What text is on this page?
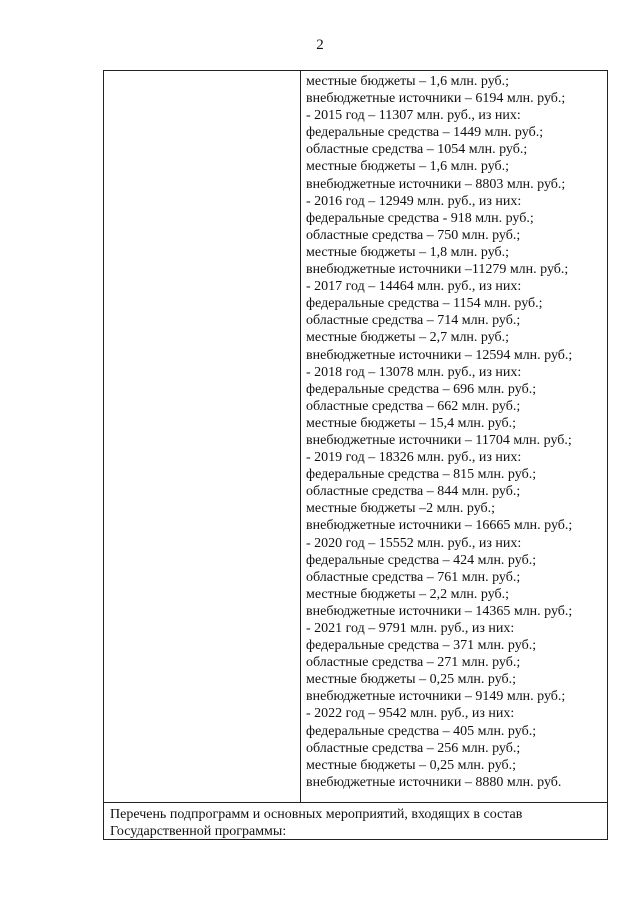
2
местные бюджеты – 1,6 млн. руб.;
внебюджетные источники – 6194 млн. руб.;
- 2015 год – 11307 млн. руб., из них:
федеральные средства – 1449 млн. руб.;
областные средства – 1054 млн. руб.;
местные бюджеты – 1,6 млн. руб.;
внебюджетные источники – 8803 млн. руб.;
- 2016 год – 12949 млн. руб., из них:
федеральные средства - 918 млн. руб.;
областные средства – 750 млн. руб.;
местные бюджеты – 1,8 млн. руб.;
внебюджетные источники –11279 млн. руб.;
- 2017 год – 14464 млн. руб., из них:
федеральные средства – 1154 млн. руб.;
областные средства – 714 млн. руб.;
местные бюджеты – 2,7 млн. руб.;
внебюджетные источники – 12594 млн. руб.;
- 2018 год – 13078 млн. руб., из них:
федеральные средства – 696 млн. руб.;
областные средства – 662 млн. руб.;
местные бюджеты – 15,4 млн. руб.;
внебюджетные источники – 11704 млн. руб.;
- 2019 год – 18326 млн. руб., из них:
федеральные средства – 815 млн. руб.;
областные средства – 844 млн. руб.;
местные бюджеты –2 млн. руб.;
внебюджетные источники – 16665 млн. руб.;
- 2020 год – 15552 млн. руб., из них:
федеральные средства – 424 млн. руб.;
областные средства – 761 млн. руб.;
местные бюджеты – 2,2 млн. руб.;
внебюджетные источники – 14365 млн. руб.;
- 2021 год – 9791 млн. руб., из них:
федеральные средства – 371 млн. руб.;
областные средства – 271 млн. руб.;
местные бюджеты – 0,25 млн. руб.;
внебюджетные источники – 9149 млн. руб.;
- 2022 год – 9542 млн. руб., из них:
федеральные средства – 405 млн. руб.;
областные средства – 256 млн. руб.;
местные бюджеты – 0,25 млн. руб.;
внебюджетные источники – 8880 млн. руб.
Перечень подпрограмм и основных мероприятий, входящих в состав Государственной программы:
